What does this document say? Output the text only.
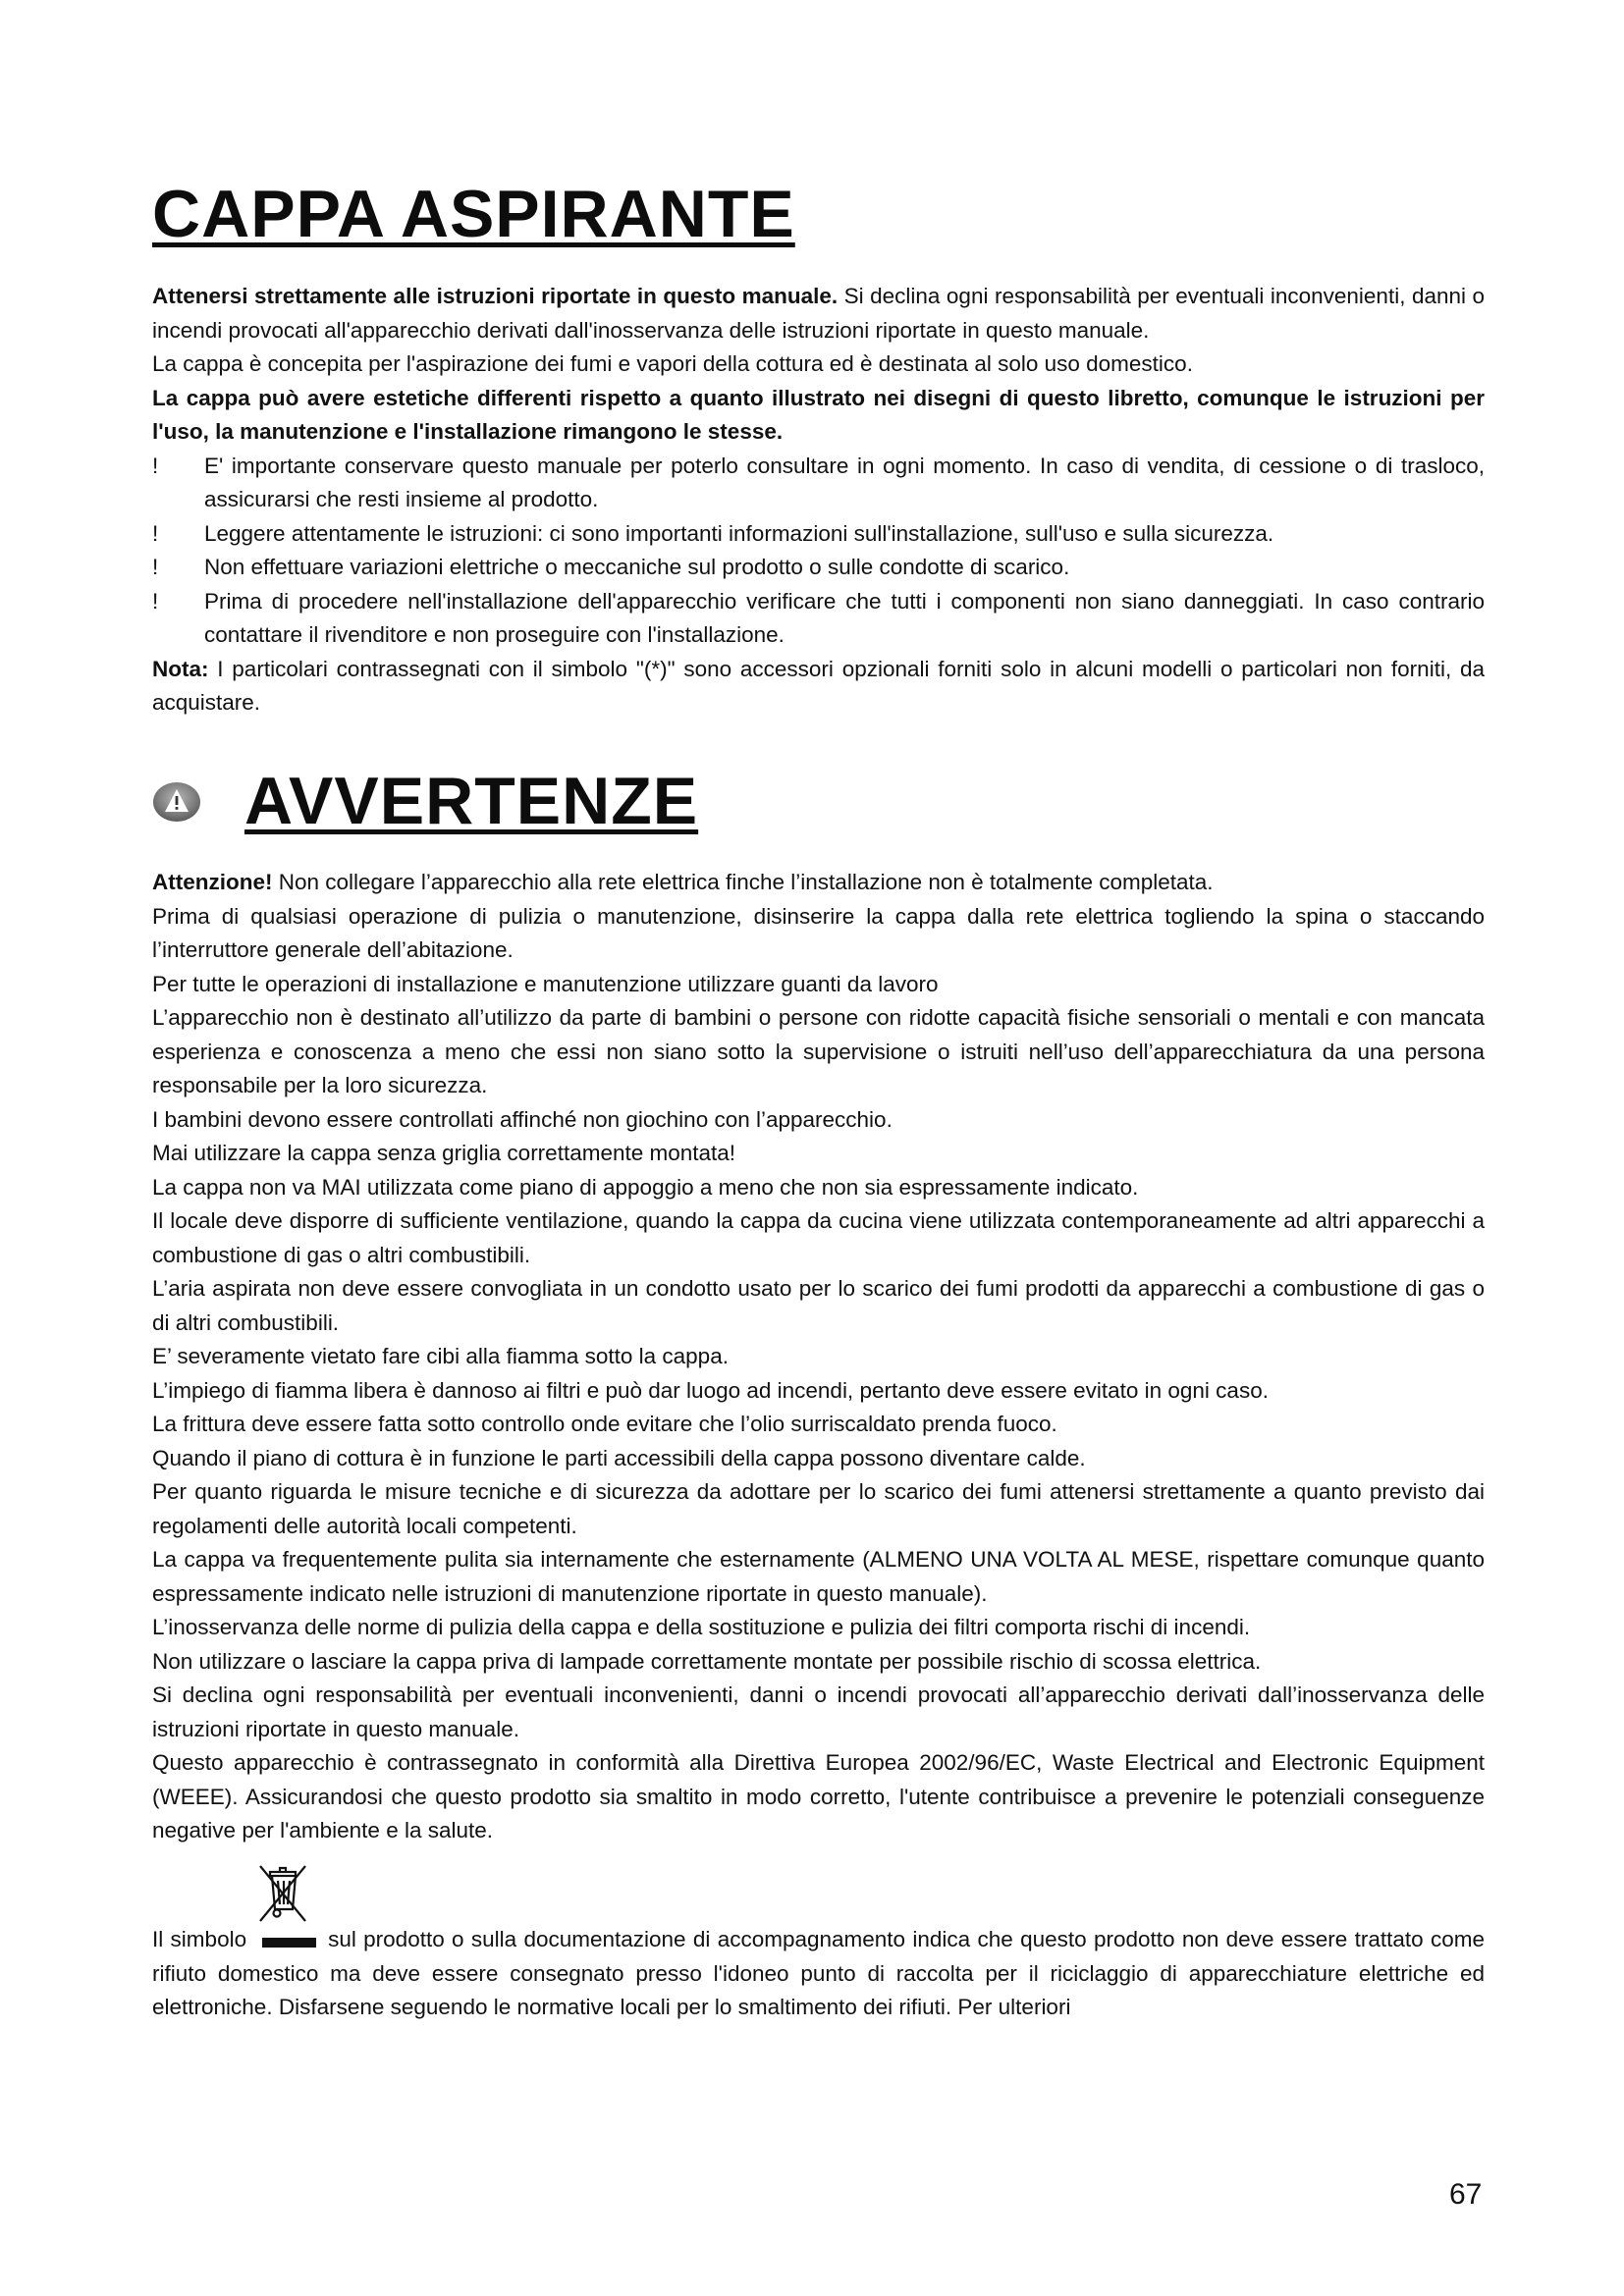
CAPPA ASPIRANTE

Attenersi strettamente alle istruzioni riportate in questo manuale. Si declina ogni responsabilità per eventuali inconvenienti, danni o incendi provocati all'apparecchio derivati dall'inosservanza delle istruzioni riportate in questo manuale.

La cappa è concepita per l'aspirazione dei fumi e vapori della cottura ed è destinata al solo uso domestico.

La cappa può avere estetiche differenti rispetto a quanto illustrato nei disegni di questo libretto, comunque le istruzioni per l'uso, la manutenzione e l'installazione rimangono le stesse.

!	E' importante conservare questo manuale per poterlo consultare in ogni momento. In caso di vendita, di cessione o di trasloco, assicurarsi che resti insieme al prodotto.
!	Leggere attentamente le istruzioni: ci sono importanti informazioni sull'installazione, sull'uso e sulla sicurezza.
!	Non effettuare variazioni elettriche o meccaniche sul prodotto o sulle condotte di scarico.
!	Prima di procedere nell'installazione dell'apparecchio verificare che tutti i componenti non siano danneggiati. In caso contrario contattare il rivenditore e non proseguire con l'installazione.

Nota: I particolari contrassegnati con il simbolo "(*)" sono accessori opzionali forniti solo in alcuni modelli o particolari non forniti, da acquistare.

AVVERTENZE

Attenzione! Non collegare l’apparecchio alla rete elettrica finche l’installazione non è totalmente completata.

Prima di qualsiasi operazione di pulizia o manutenzione, disinserire la cappa dalla rete elettrica togliendo la spina o staccando l’interruttore generale dell’abitazione.

Per tutte le operazioni di installazione e manutenzione utilizzare guanti da lavoro

L’apparecchio non è destinato all’utilizzo da parte di bambini o persone con ridotte capacità fisiche sensoriali o mentali e con mancata esperienza e conoscenza a meno che essi non siano sotto la supervisione o istruiti nell’uso dell’apparecchiatura da una persona responsabile per la loro sicurezza.

I bambini devono essere controllati affinché non giochino con l’apparecchio.

Mai utilizzare la cappa senza griglia correttamente montata!

La cappa non va MAI utilizzata come piano di appoggio a meno che non sia espressamente indicato.

Il locale deve disporre di sufficiente ventilazione, quando la cappa da cucina viene utilizzata contemporaneamente ad altri apparecchi a combustione di gas o altri combustibili.

L’aria aspirata non deve essere convogliata in un condotto usato per lo scarico dei fumi prodotti da apparecchi a combustione di gas o di altri combustibili.

E’ severamente vietato fare cibi alla fiamma sotto la cappa.

L’impiego di fiamma libera è dannoso ai filtri e può dar luogo ad incendi, pertanto deve essere evitato in ogni caso.

La frittura deve essere fatta sotto controllo onde evitare che l’olio surriscaldato prenda fuoco.

Quando il piano di cottura è in funzione le parti accessibili della cappa possono diventare calde.

Per quanto riguarda le misure tecniche e di sicurezza da adottare per lo scarico dei fumi attenersi strettamente a quanto previsto dai regolamenti delle autorità locali competenti.

La cappa va frequentemente pulita sia internamente che esternamente (ALMENO UNA VOLTA AL MESE, rispettare comunque quanto espressamente indicato nelle istruzioni di manutenzione riportate in questo manuale).

L’inosservanza delle norme di pulizia della cappa e della sostituzione e pulizia dei filtri comporta rischi di incendi.

Non utilizzare o lasciare la cappa priva di lampade correttamente montate per possibile rischio di scossa elettrica.

Si declina ogni responsabilità per eventuali inconvenienti, danni o incendi provocati all’apparecchio derivati dall’inosservanza delle istruzioni riportate in questo manuale.

Questo apparecchio è contrassegnato in conformità alla Direttiva Europea 2002/96/EC, Waste Electrical and Electronic Equipment (WEEE). Assicurandosi che questo prodotto sia smaltito in modo corretto, l'utente contribuisce a prevenire le potenziali conseguenze negative per l'ambiente e la salute.

Il simbolo	sul prodotto o sulla documentazione di accompagnamento indica che questo prodotto non deve essere trattato come rifiuto domestico ma deve essere consegnato presso l'idoneo punto di raccolta per il riciclaggio di apparecchiature elettriche ed elettroniche. Disfarsene seguendo le normative locali per lo smaltimento dei rifiuti. Per ulteriori

67
